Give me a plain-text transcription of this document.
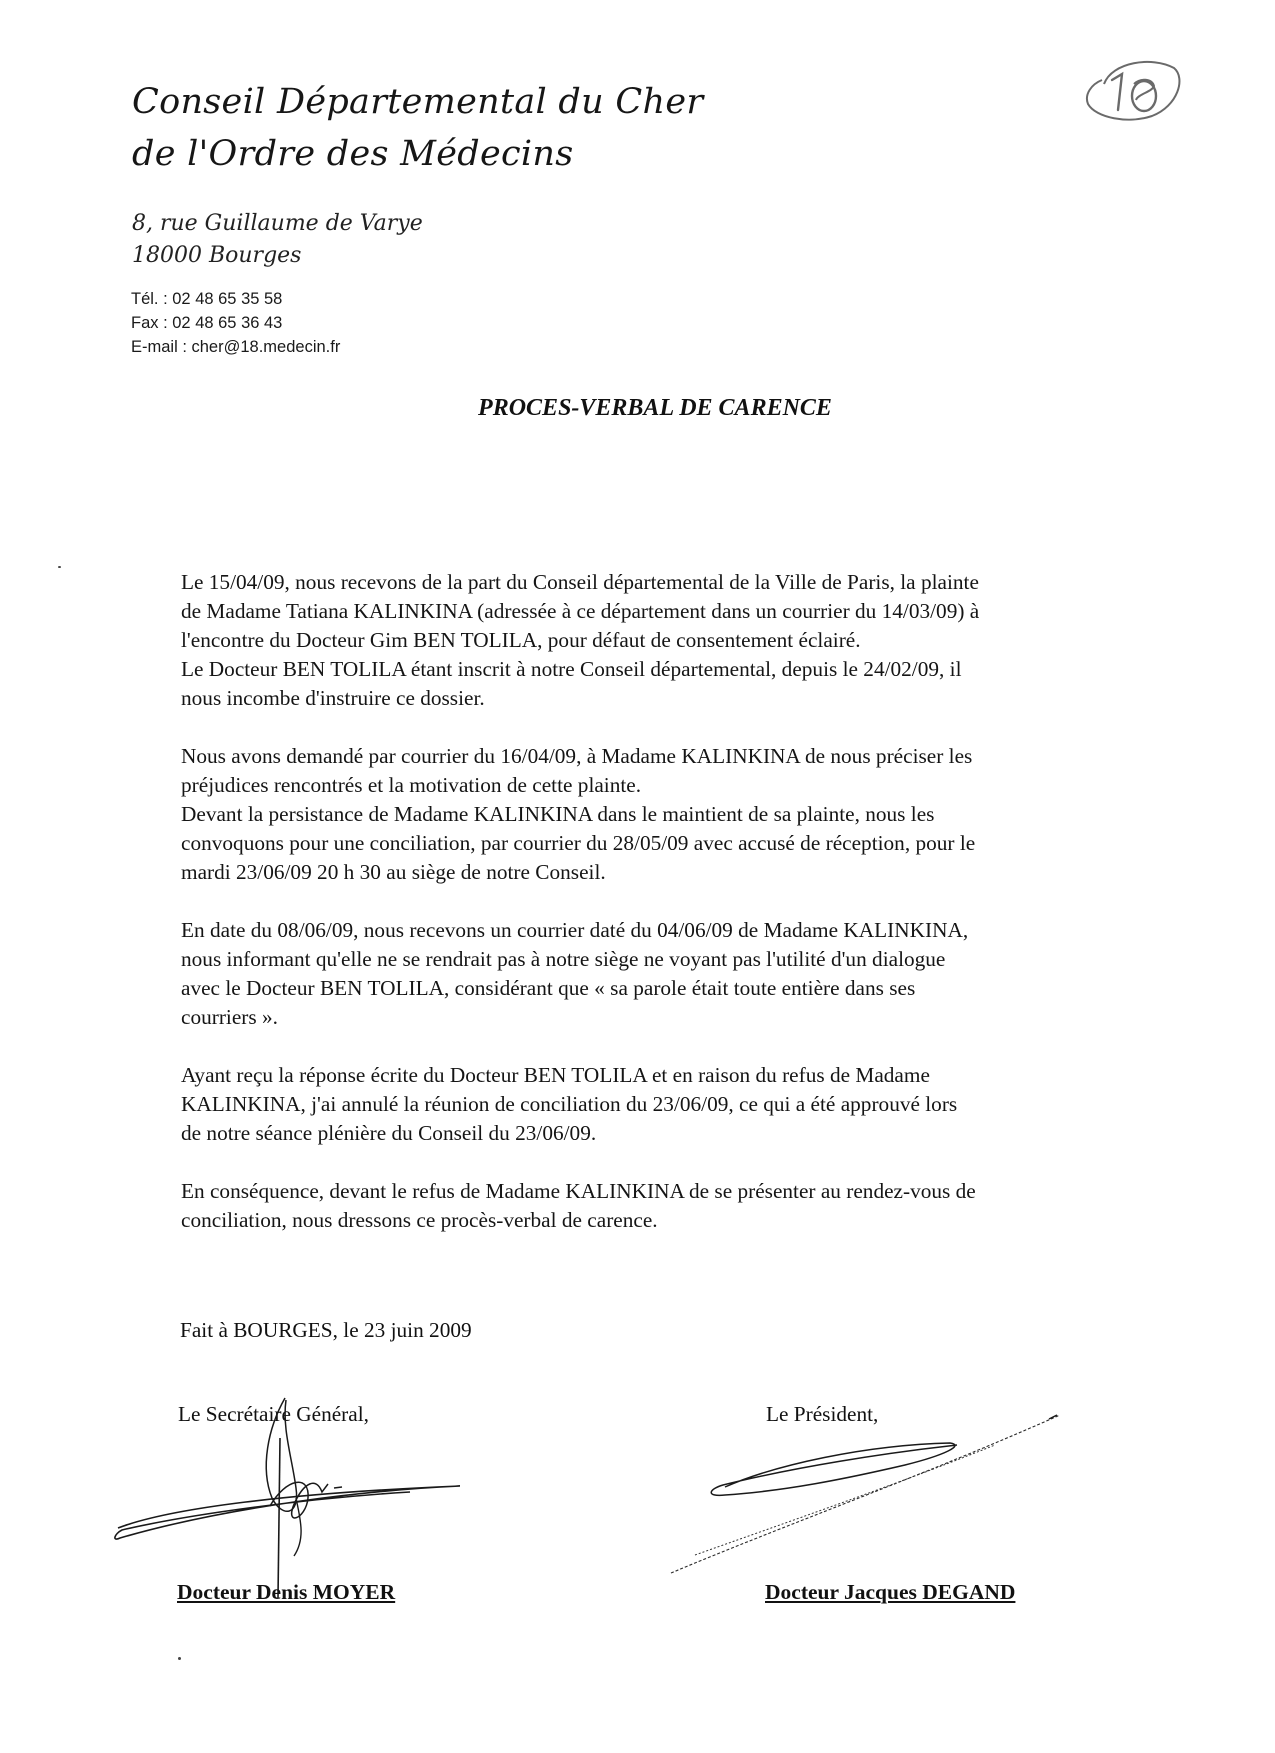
Conseil Départemental du Cher
de l'Ordre des Médecins
8, rue Guillaume de Varye
18000 Bourges
Tél. : 02 48 65 35 58
Fax : 02 48 65 36 43
E-mail : cher@18.medecin.fr
PROCES-VERBAL DE CARENCE

Le 15/04/09, nous recevons de la part du Conseil départemental de la Ville de Paris, la plainte
de Madame Tatiana KALINKINA (adressée à ce département dans un courrier du 14/03/09) à
l'encontre du Docteur Gim BEN TOLILA, pour défaut de consentement éclairé.
Le Docteur BEN TOLILA étant inscrit à notre Conseil départemental, depuis le 24/02/09, il
nous incombe d'instruire ce dossier.

Nous avons demandé par courrier du 16/04/09, à Madame KALINKINA de nous préciser les
préjudices rencontrés et la motivation de cette plainte.
Devant la persistance de Madame KALINKINA dans le maintient de sa plainte, nous les
convoquons pour une conciliation, par courrier du 28/05/09 avec accusé de réception, pour le
mardi 23/06/09 20 h 30 au siège de notre Conseil.

En date du 08/06/09, nous recevons un courrier daté du 04/06/09 de Madame KALINKINA,
nous informant qu'elle ne se rendrait pas à notre siège ne voyant pas l'utilité d'un dialogue
avec le Docteur BEN TOLILA, considérant que « sa parole était toute entière dans ses
courriers ».

Ayant reçu la réponse écrite du Docteur BEN TOLILA et en raison du refus de Madame
KALINKINA, j'ai annulé la réunion de conciliation du 23/06/09, ce qui a été approuvé lors
de notre séance plénière du Conseil du 23/06/09.

En conséquence, devant le refus de Madame KALINKINA de se présenter au rendez-vous de
conciliation, nous dressons ce procès-verbal de carence.

Fait à BOURGES, le 23 juin 2009
Le Secrétaire Général,	Le Président,
Docteur Denis MOYER	Docteur Jacques DEGAND
